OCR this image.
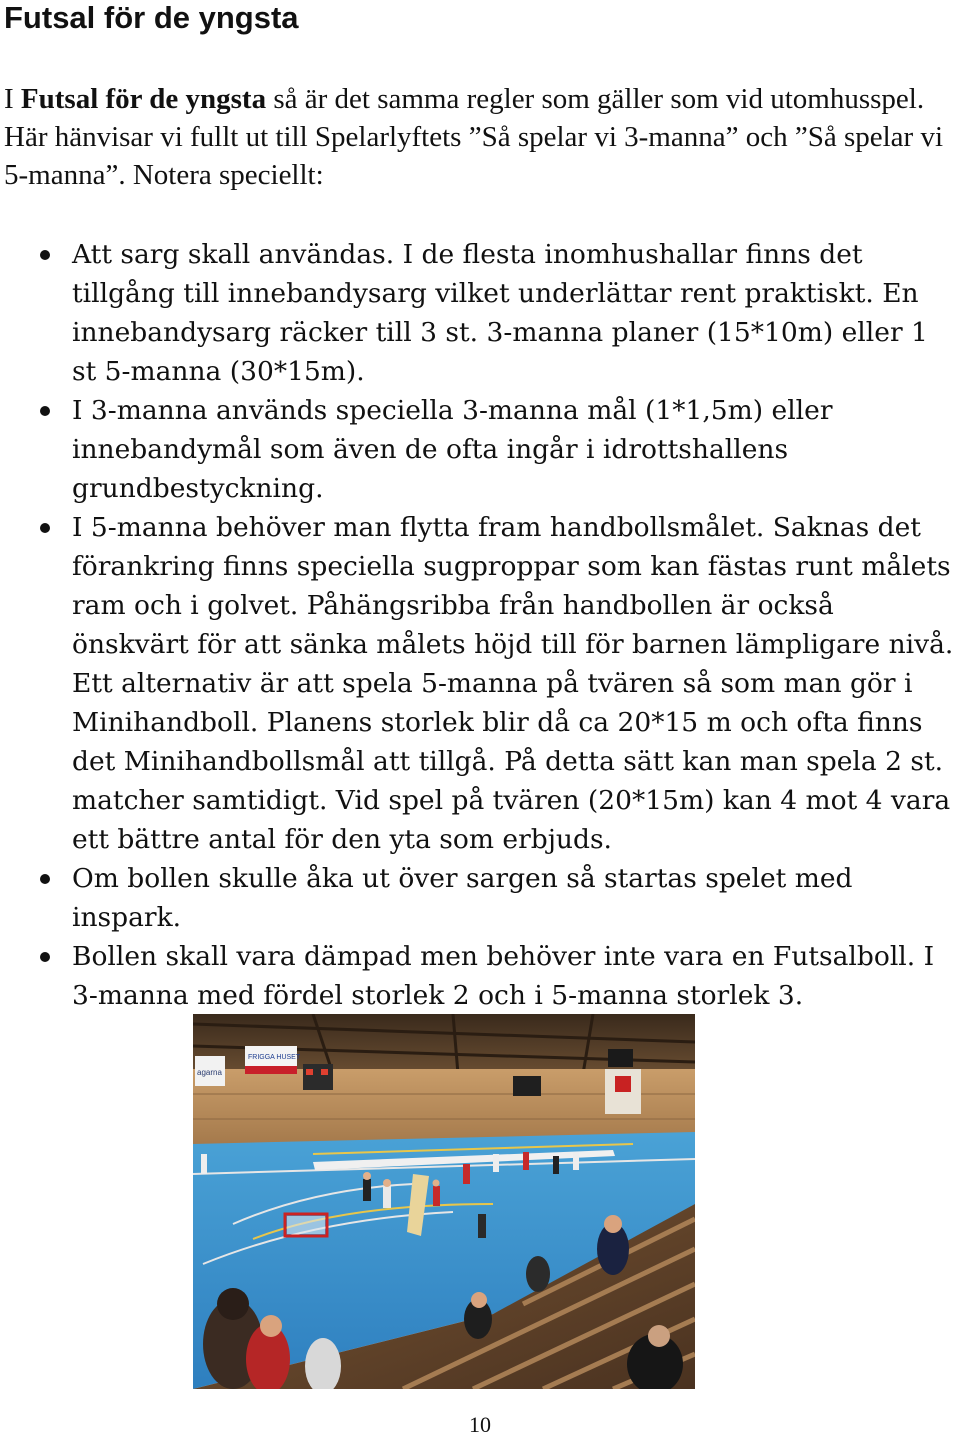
Futsal för de yngsta

I Futsal för de yngsta så är det samma regler som gäller som vid utomhusspel. Här hänvisar vi fullt ut till Spelarlyftets ”Så spelar vi 3-manna” och ”Så spelar vi 5-manna”. Notera speciellt:

Att sarg skall användas. I de flesta inomhushallar finns det tillgång till innebandysarg vilket underlättar rent praktiskt. En innebandysarg räcker till 3 st. 3-manna planer (15*10m) eller 1 st 5-manna (30*15m).
I 3-manna används speciella 3-manna mål (1*1,5m) eller innebandymål som även de ofta ingår i idrottshallens grundbestyckning.
I 5-manna behöver man flytta fram handbollsmålet. Saknas det förankring finns speciella sugproppar som kan fästas runt målets ram och i golvet. Påhängsribba från handbollen är också önskvärt för att sänka målets höjd till för barnen lämpligare nivå. Ett alternativ är att spela 5-manna på tvären så som man gör i Minihandboll. Planens storlek blir då ca 20*15 m och ofta finns det Minihandbollsmål att tillgå. På detta sätt kan man spela 2 st. matcher samtidigt. Vid spel på tvären (20*15m) kan 4 mot 4 vara ett bättre antal för den yta som erbjuds.
Om bollen skulle åka ut över sargen så startas spelet med inspark.
Bollen skall vara dämpad men behöver inte vara en Futsalboll. I 3-manna med fördel storlek 2 och i 5-manna storlek 3.
agarna
FRIGGA HUSET
10
